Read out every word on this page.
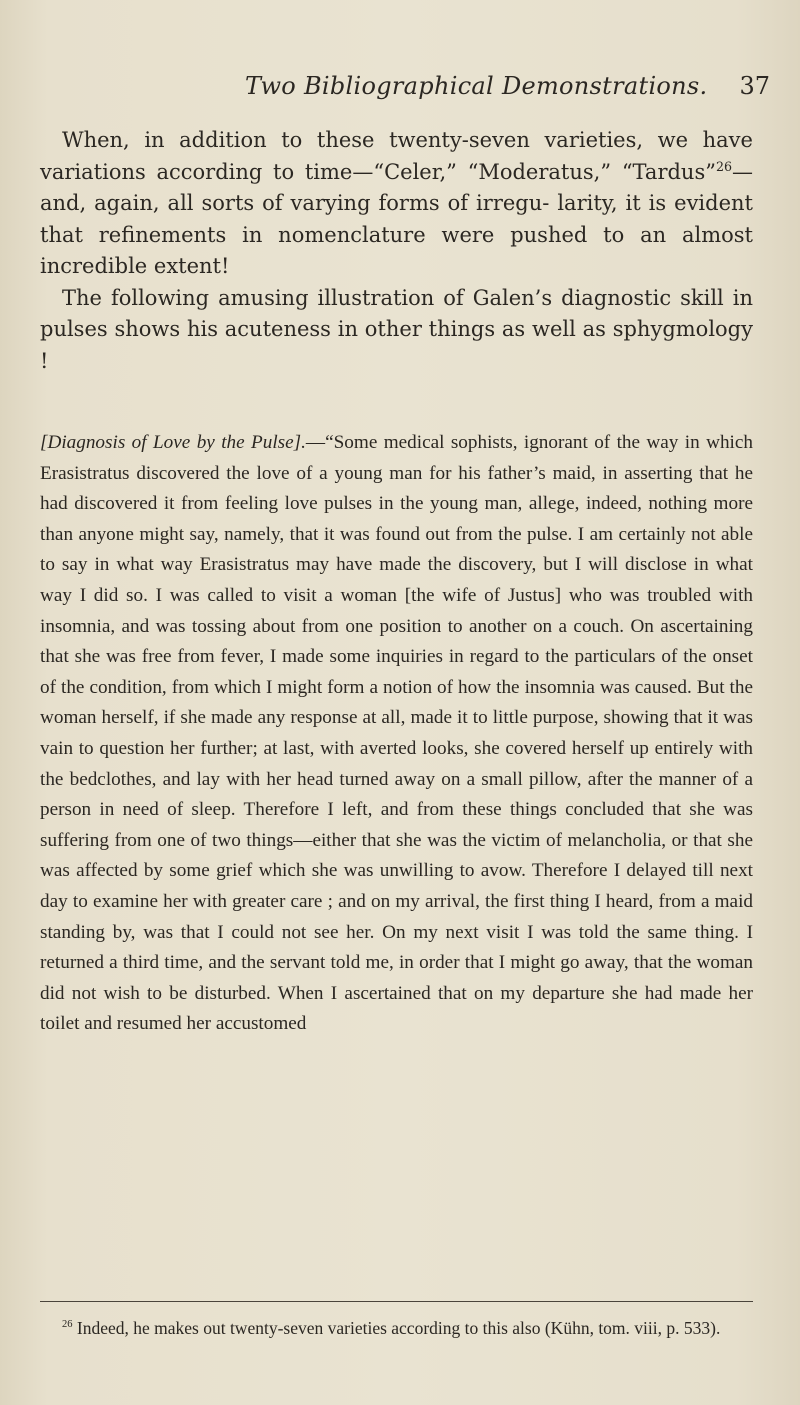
Two Bibliographical Demonstrations. 37

When, in addition to these twenty-seven varieties, we have variations according to time—“Celer,” “Moderatus,” “Tardus”$^{26}$—and, again, all sorts of varying forms of irregu- larity, it is evident that refinements in nomenclature were pushed to an almost incredible extent!

The following amusing illustration of Galen’s diagnostic skill in pulses shows his acuteness in other things as well as sphygmology !

[Diagnosis of Love by the Pulse].—“Some medical sophists, ignorant of the way in which Erasistratus discovered the love of a young man for his father’s maid, in asserting that he had discovered it from feeling love pulses in the young man, allege, indeed, nothing more than anyone might say, namely, that it was found out from the pulse. I am certainly not able to say in what way Erasistratus may have made the discovery, but I will disclose in what way I did so. I was called to visit a woman [the wife of Justus] who was troubled with insomnia, and was tossing about from one position to another on a couch. On ascertaining that she was free from fever, I made some inquiries in regard to the particulars of the onset of the condition, from which I might form a notion of how the insomnia was caused. But the woman herself, if she made any response at all, made it to little purpose, showing that it was vain to question her further; at last, with averted looks, she covered herself up entirely with the bedclothes, and lay with her head turned away on a small pillow, after the manner of a person in need of sleep. Therefore I left, and from these things concluded that she was suffering from one of two things—either that she was the victim of melancholia, or that she was affected by some grief which she was unwilling to avow. Therefore I delayed till next day to examine her with greater care ; and on my arrival, the first thing I heard, from a maid standing by, was that I could not see her. On my next visit I was told the same thing. I returned a third time, and the servant told me, in order that I might go away, that the woman did not wish to be disturbed. When I ascertained that on my departure she had made her toilet and resumed her accustomed

$^{26}$ Indeed, he makes out twenty-seven varieties according to this also (Kühn, tom. viii, p. 533).
